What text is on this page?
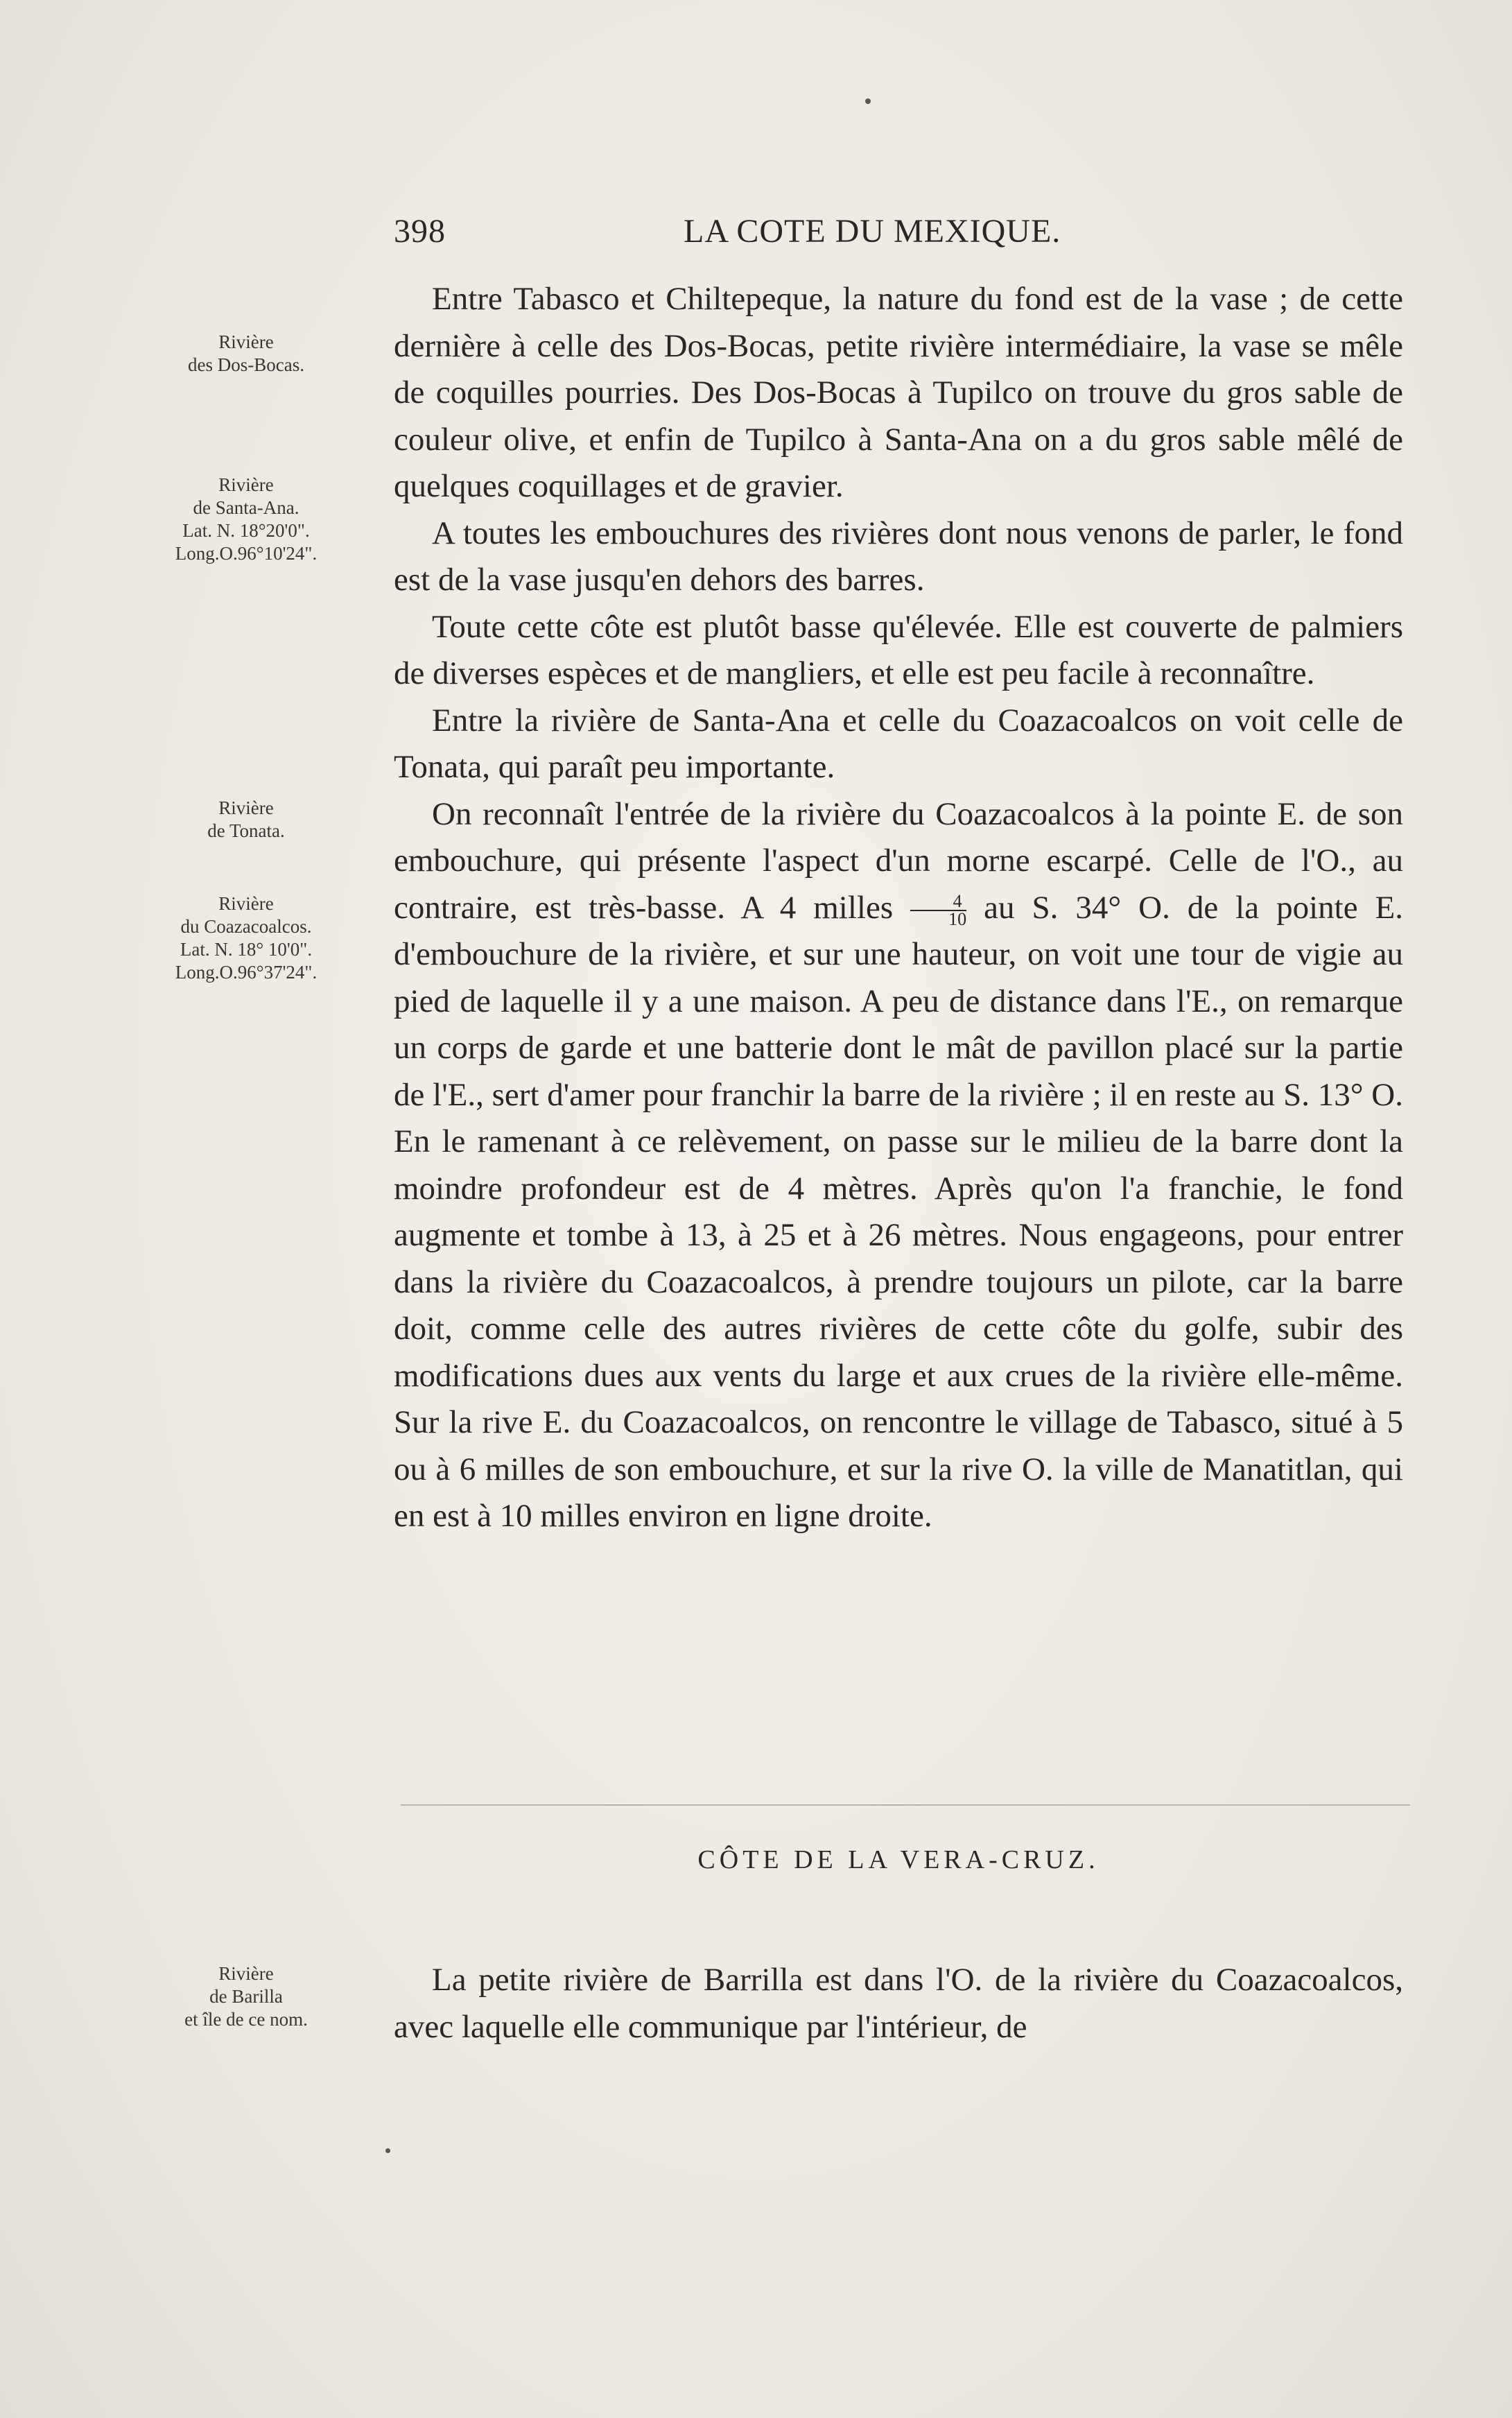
398	LA COTE DU MEXIQUE.
Rivière
des Dos-Bocas.
Rivière
de Santa-Ana.
Lat. N. 18°20'0".
Long.O.96°10'24".
Rivière
de Tonata.
Rivière
du Coazacoalcos.
Lat. N. 18° 10'0".
Long.O.96°37'24".
Rivière
de Barilla
et île de ce nom.

Entre Tabasco et Chiltepeque, la nature du fond est de la vase ; de cette dernière à celle des Dos-Bocas, petite rivière intermédiaire, la vase se mêle de coquilles pourries. Des Dos-Bocas à Tupilco on trouve du gros sable de couleur olive, et enfin de Tupilco à Santa-Ana on a du gros sable mêlé de quelques coquillages et de gravier.

A toutes les embouchures des rivières dont nous venons de parler, le fond est de la vase jusqu'en dehors des barres.

Toute cette côte est plutôt basse qu'élevée. Elle est couverte de palmiers de diverses espèces et de mangliers, et elle est peu facile à reconnaître.

Entre la rivière de Santa-Ana et celle du Coazacoalcos on voit celle de Tonata, qui paraît peu importante.

On reconnaît l'entrée de la rivière du Coazacoalcos à la pointe E. de son embouchure, qui présente l'aspect d'un morne escarpé. Celle de l'O., au contraire, est très-basse. A 4 milles $\frac{4}{10}$ au S. 34° O. de la pointe E. d'embouchure de la rivière, et sur une hauteur, on voit une tour de vigie au pied de laquelle il y a une maison. A peu de distance dans l'E., on remarque un corps de garde et une batterie dont le mât de pavillon placé sur la partie de l'E., sert d'amer pour franchir la barre de la rivière ; il en reste au S. 13° O. En le ramenant à ce relèvement, on passe sur le milieu de la barre dont la moindre profondeur est de 4 mètres. Après qu'on l'a franchie, le fond augmente et tombe à 13, à 25 et à 26 mètres. Nous engageons, pour entrer dans la rivière du Coazacoalcos, à prendre toujours un pilote, car la barre doit, comme celle des autres rivières de cette côte du golfe, subir des modifications dues aux vents du large et aux crues de la rivière elle-même. Sur la rive E. du Coazacoalcos, on rencontre le village de Tabasco, situé à 5 ou à 6 milles de son embouchure, et sur la rive O. la ville de Manatitlan, qui en est à 10 milles environ en ligne droite.

CÔTE DE LA VERA-CRUZ.

La petite rivière de Barrilla est dans l'O. de la rivière du Coazacoalcos, avec laquelle elle communique par l'intérieur, de
